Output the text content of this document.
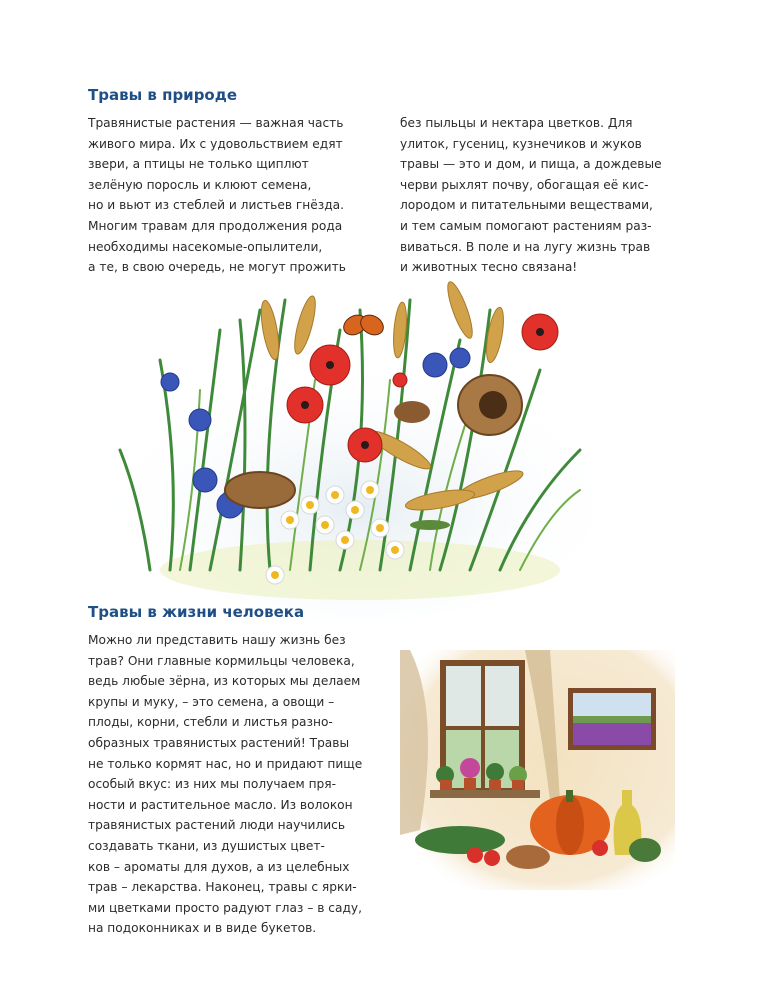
Травы в природе
Травянистые растения — важная часть
живого мира. Их с удовольствием едят
звери, а птицы не только щиплют
зелёную поросль и клюют семена,
но и вьют из стеблей и листьев гнёзда.
Многим травам для продолжения рода
необходимы насекомые-опылители,
а те, в свою очередь, не могут прожить
без пыльцы и нектара цветков. Для
улиток, гусениц, кузнечиков и жуков
травы — это и дом, и пища, а дождевые
черви рыхлят почву, обогащая её кис-
лородом и питательными веществами,
и тем самым помогают растениям раз-
виваться. В поле и на лугу жизнь трав
и животных тесно связана!
Травы в жизни человека
Можно ли представить нашу жизнь без
трав? Они главные кормильцы человека,
ведь любые зёрна, из которых мы делаем
крупы и муку, – это семена, а овощи –
плоды, корни, стебли и листья разно-
образных травянистых растений! Травы
не только кормят нас, но и придают пище
особый вкус: из них мы получаем пря-
ности и растительное масло. Из волокон
травянистых растений люди научились
создавать ткани, из душистых цвет-
ков – ароматы для духов, а из целебных
трав – лекарства. Наконец, травы с ярки-
ми цветками просто радуют глаз – в саду,
на подоконниках и в виде букетов.
